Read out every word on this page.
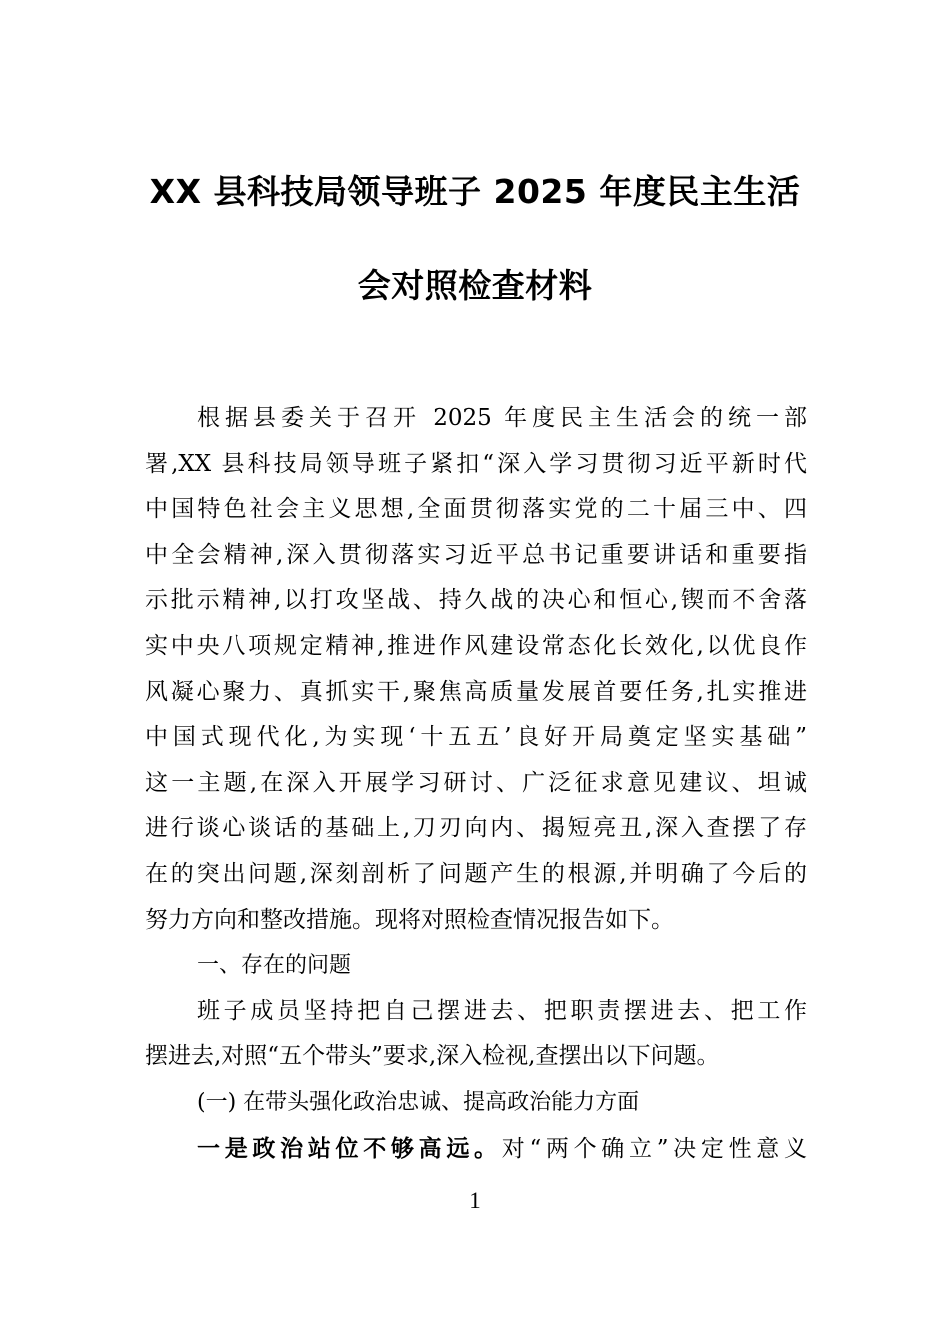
XX 县科技局领导班子 2025 年度民主生活
会对照检查材料
根据县委关于召开 2025 年度民主生活会的统一部
署,XX 县科技局领导班子紧扣“深入学习贯彻习近平新时代
中国特色社会主义思想,全面贯彻落实党的二十届三中、四
中全会精神,深入贯彻落实习近平总书记重要讲话和重要指
示批示精神,以打攻坚战、持久战的决心和恒心,锲而不舍落
实中央八项规定精神,推进作风建设常态化长效化,以优良作
风凝心聚力、真抓实干,聚焦高质量发展首要任务,扎实推进
中国式现代化,为实现‘十五五’良好开局奠定坚实基础”
这一主题,在深入开展学习研讨、广泛征求意见建议、坦诚
进行谈心谈话的基础上,刀刃向内、揭短亮丑,深入查摆了存
在的突出问题,深刻剖析了问题产生的根源,并明确了今后的
努力方向和整改措施。现将对照检查情况报告如下。
一、存在的问题
班子成员坚持把自己摆进去、把职责摆进去、把工作
摆进去,对照“五个带头”要求,深入检视,查摆出以下问题。
(一) 在带头强化政治忠诚、提高政治能力方面
一是政治站位不够高远。对“两个确立”决定性意义
1
